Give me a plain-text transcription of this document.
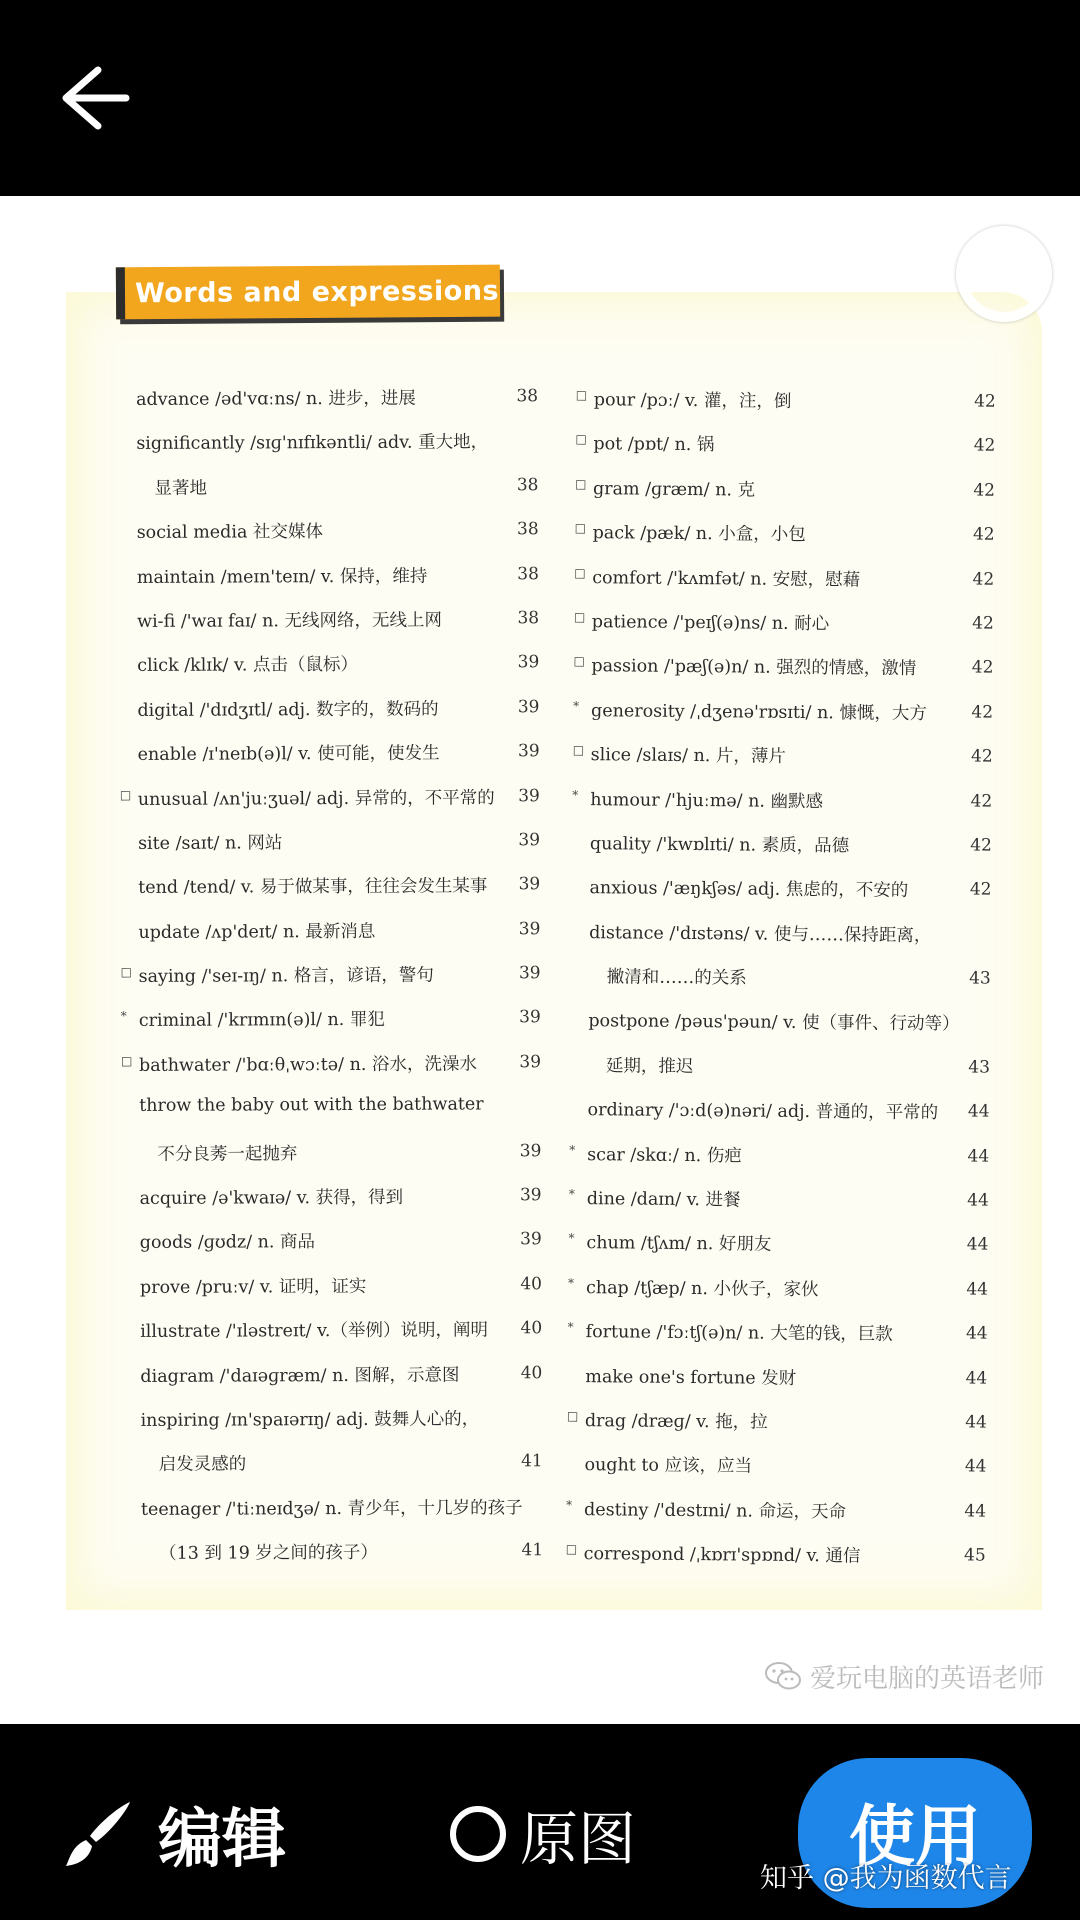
Words and expressions
advance /əd'vɑːns/ n. 进步，进展	38
significantly /sɪɡ'nɪfɪkəntli/ adv. 重大地，
显著地	38
social media 社交媒体	38
maintain /meɪn'teɪn/ v. 保持，维持	38
wi-fi /'waɪ faɪ/ n. 无线网络，无线上网	38
click /klɪk/ v. 点击（鼠标）	39
digital /'dɪdʒɪtl/ adj. 数字的，数码的	39
enable /ɪ'neɪb(ə)l/ v. 使可能，使发生	39
□ unusual /ʌn'juːʒuəl/ adj. 异常的，不平常的 39
site /saɪt/ n. 网站	39
tend /tend/ v. 易于做某事，往往会发生某事 39
update /ʌp'deɪt/ n. 最新消息	39
□ saying /'seɪ-ɪŋ/ n. 格言，谚语，警句	39
* criminal /'krɪmɪn(ə)l/ n. 罪犯	39
□ bathwater /'bɑːθˌwɔːtə/ n. 浴水，洗澡水 39
throw the baby out with the bathwater
不分良莠一起抛弃	39
acquire /ə'kwaɪə/ v. 获得，得到	39
goods /ɡʊdz/ n. 商品	39
prove /pruːv/ v. 证明，证实	40
illustrate /'ɪləstreɪt/ v.（举例）说明，阐明 40
diagram /'daɪəɡræm/ n. 图解，示意图	40
inspiring /ɪn'spaɪərɪŋ/ adj. 鼓舞人心的，
启发灵感的	41
teenager /'tiːneɪdʒə/ n. 青少年，十几岁的孩子
（13 到 19 岁之间的孩子）	41
□ pour /pɔː/ v. 灌，注，倒	42
□ pot /pɒt/ n. 锅	42
□ gram /ɡræm/ n. 克	42
□ pack /pæk/ n. 小盒，小包	42
□ comfort /'kʌmfət/ n. 安慰，慰藉	42
□ patience /'peɪʃ(ə)ns/ n. 耐心	42
□ passion /'pæʃ(ə)n/ n. 强烈的情感，激情	42
* generosity /ˌdʒenə'rɒsɪti/ n. 慷慨，大方	42
□ slice /slaɪs/ n. 片，薄片	42
* humour /'hjuːmə/ n. 幽默感	42
quality /'kwɒlɪti/ n. 素质，品德	42
anxious /'æŋkʃəs/ adj. 焦虑的，不安的	42
distance /'dɪstəns/ v. 使与……保持距离，
撇清和……的关系	43
postpone /pəus'pəun/ v. 使（事件、行动等）
延期，推迟	43
ordinary /'ɔːd(ə)nəri/ adj. 普通的，平常的 44
* scar /skɑː/ n. 伤疤	44
* dine /daɪn/ v. 进餐	44
* chum /tʃʌm/ n. 好朋友	44
* chap /tʃæp/ n. 小伙子，家伙	44
* fortune /'fɔːtʃ(ə)n/ n. 大笔的钱，巨款	44
make one's fortune 发财	44
□ drag /dræɡ/ v. 拖，拉	44
ought to 应该，应当	44
* destiny /'destɪni/ n. 命运，天命	44
□ correspond /ˌkɒrɪ'spɒnd/ v. 通信	45
爱玩电脑的英语老师
编辑	原图	使用
知乎 @我为函数代言
